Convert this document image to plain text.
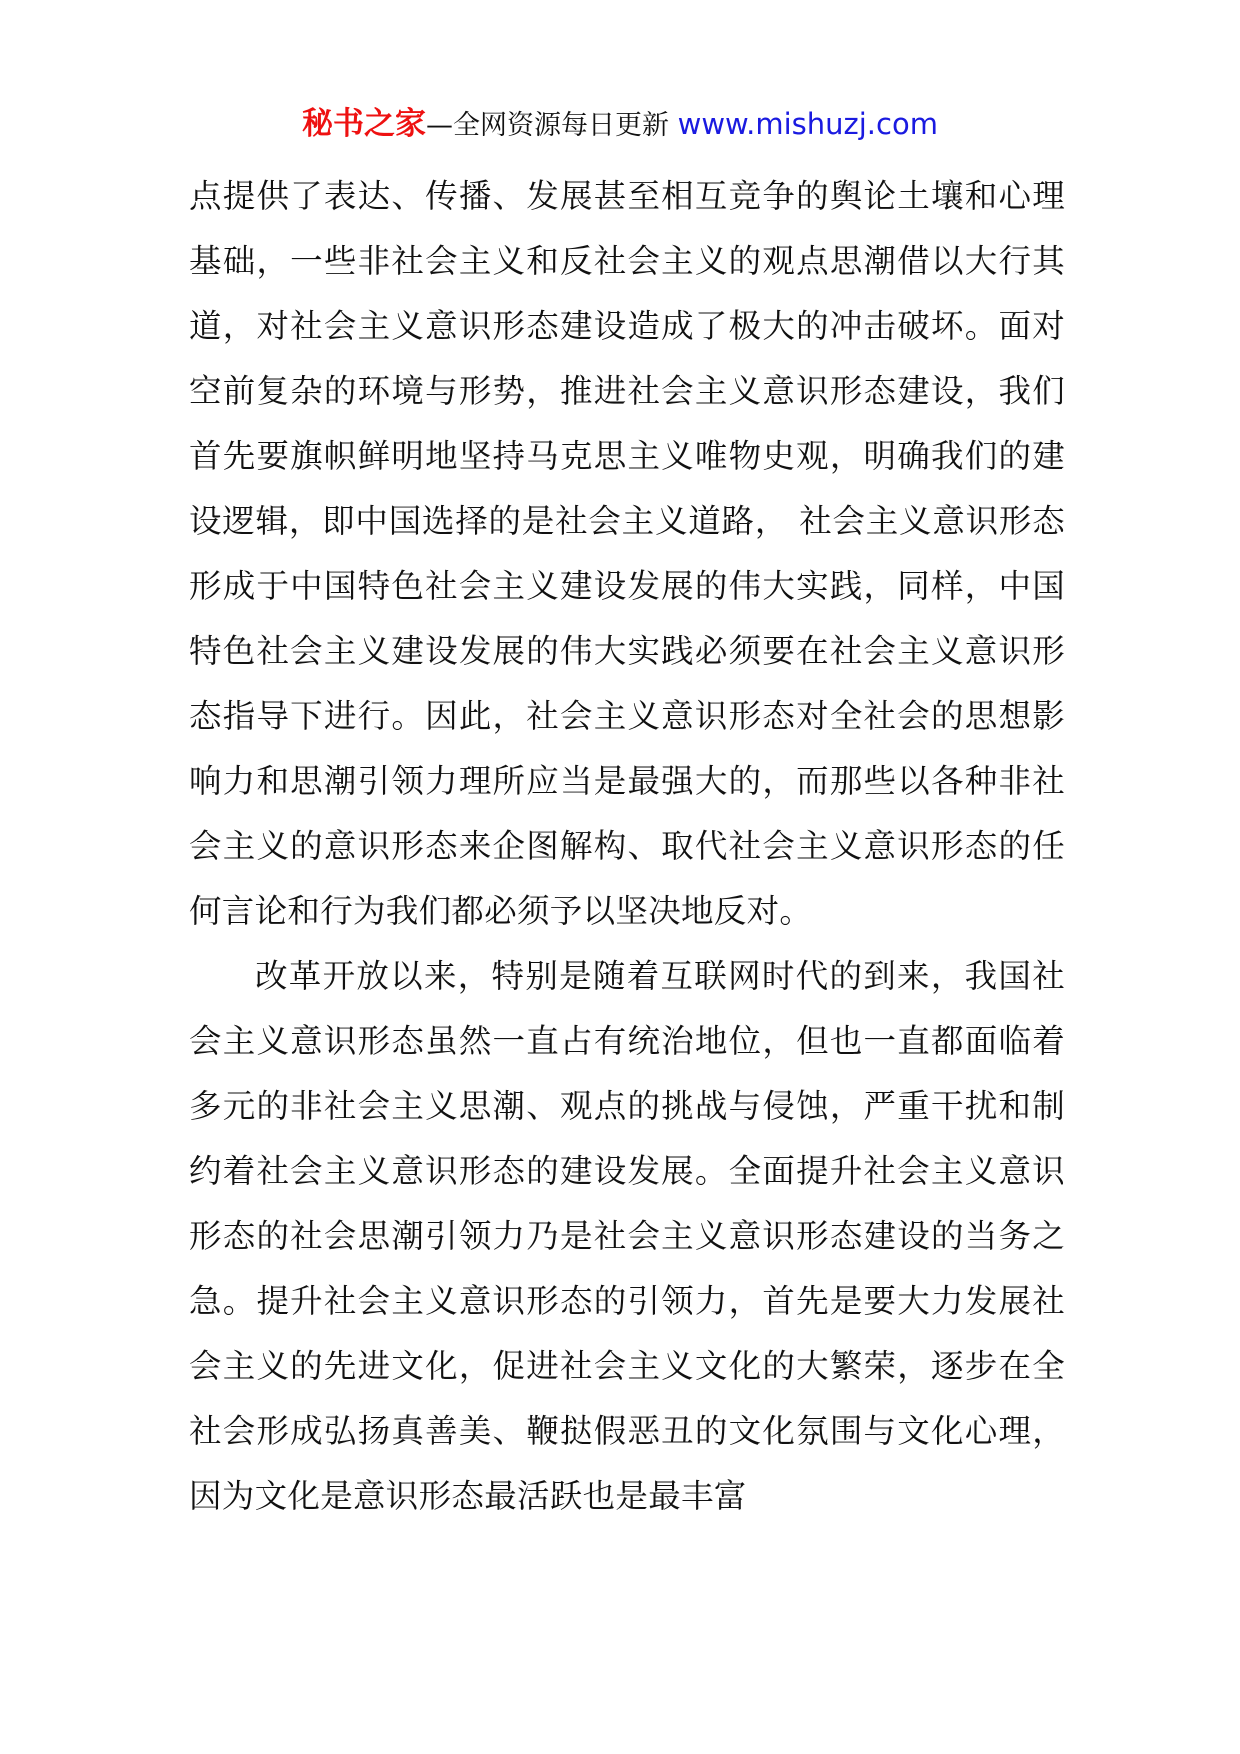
秘书之家—全网资源每日更新 www.mishuzj.com

点提供了表达、传播、发展甚至相互竞争的舆论土壤和心理基础，一些非社会主义和反社会主义的观点思潮借以大行其道，对社会主义意识形态建设造成了极大的冲击破坏。面对空前复杂的环境与形势，推进社会主义意识形态建设，我们首先要旗帜鲜明地坚持马克思主义唯物史观，明确我们的建设逻辑，即中国选择的是社会主义道路， 社会主义意识形态形成于中国特色社会主义建设发展的伟大实践，同样，中国特色社会主义建设发展的伟大实践必须要在社会主义意识形态指导下进行。因此，社会主义意识形态对全社会的思想影响力和思潮引领力理所应当是最强大的，而那些以各种非社会主义的意识形态来企图解构、取代社会主义意识形态的任何言论和行为我们都必须予以坚决地反对。

改革开放以来，特别是随着互联网时代的到来，我国社会主义意识形态虽然一直占有统治地位，但也一直都面临着多元的非社会主义思潮、观点的挑战与侵蚀，严重干扰和制约着社会主义意识形态的建设发展。全面提升社会主义意识形态的社会思潮引领力乃是社会主义意识形态建设的当务之急。提升社会主义意识形态的引领力，首先是要大力发展社会主义的先进文化，促进社会主义文化的大繁荣，逐步在全社会形成弘扬真善美、鞭挞假恶丑的文化氛围与文化心理，因为文化是意识形态最活跃也是最丰富
